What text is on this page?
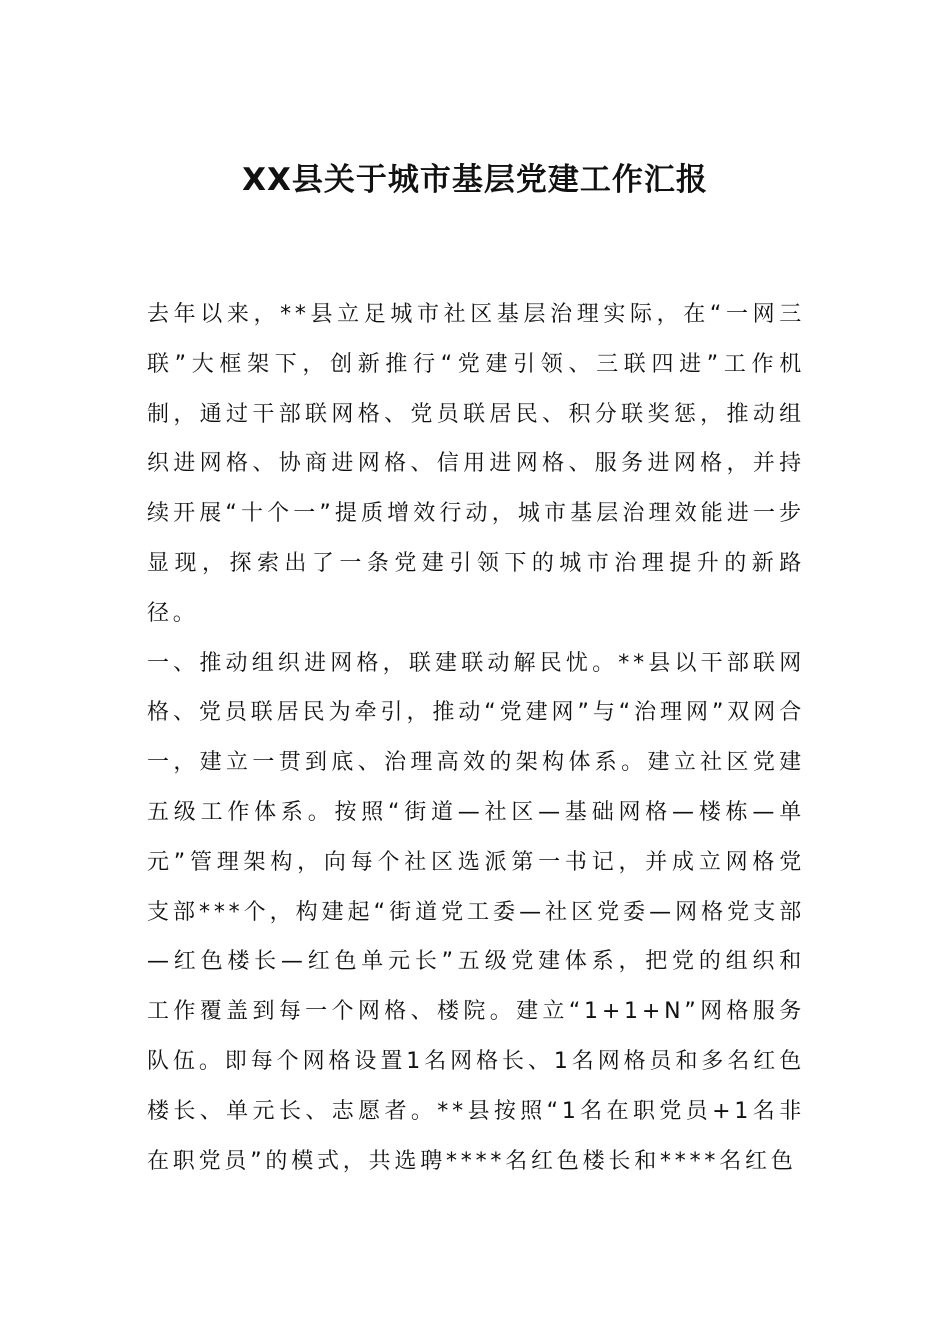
XX县关于城市基层党建工作汇报

去年以来，**县立足城市社区基层治理实际，在“一网三联”大框架下，创新推行“党建引领、三联四进”工作机制，通过干部联网格、党员联居民、积分联奖惩，推动组织进网格、协商进网格、信用进网格、服务进网格，并持续开展“十个一”提质增效行动，城市基层治理效能进一步显现，探索出了一条党建引领下的城市治理提升的新路径。

一、推动组织进网格，联建联动解民忧。**县以干部联网格、党员联居民为牵引，推动“党建网”与“治理网”双网合一，建立一贯到底、治理高效的架构体系。建立社区党建五级工作体系。按照“街道—社区—基础网格—楼栋—单元”管理架构，向每个社区选派第一书记，并成立网格党支部***个，构建起“街道党工委—社区党委—网格党支部—红色楼长—红色单元长”五级党建体系，把党的组织和工作覆盖到每一个网格、楼院。建立“1+1+N”网格服务队伍。即每个网格设置1名网格长、1名网格员和多名红色楼长、单元长、志愿者。**县按照“1名在职党员+1名非在职党员”的模式，共选聘****名红色楼长和****名红色
